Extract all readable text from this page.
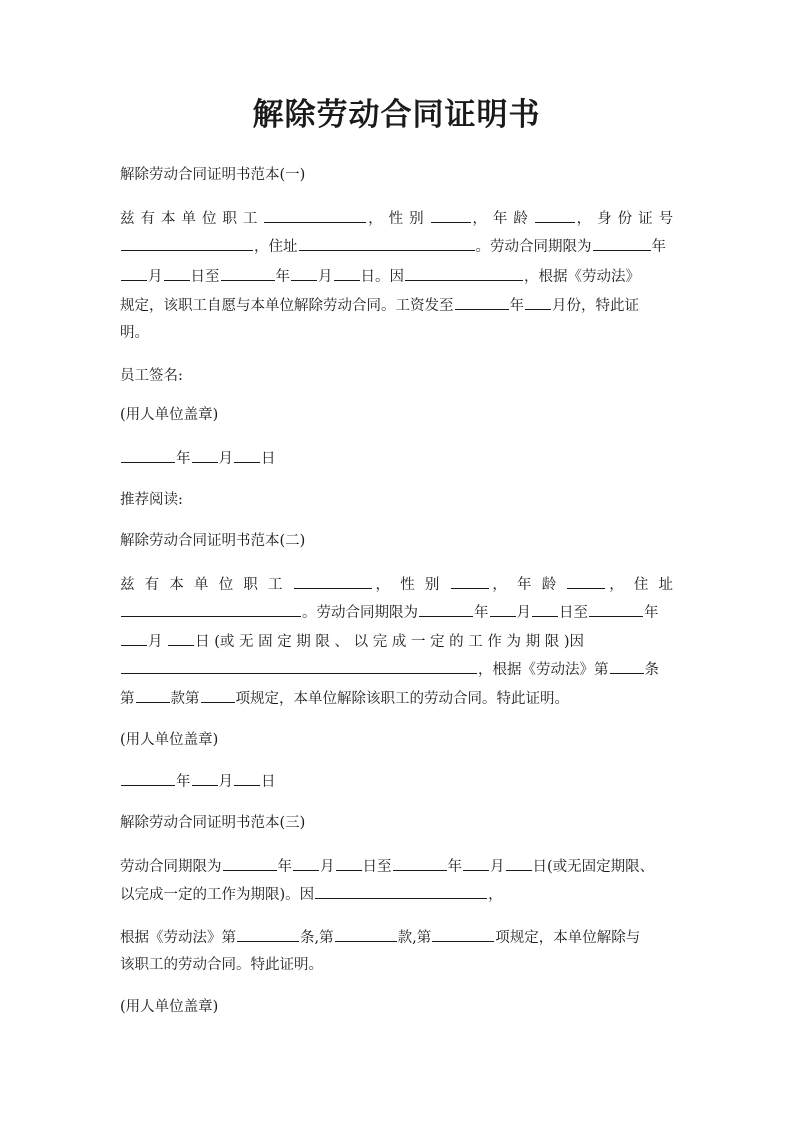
解除劳动合同证明书
解除劳动合同证明书范本(一)
兹 有 本 单 位 职 工	， 性 别	， 年 龄	， 身 份 证 号
，住址	。劳动合同期限为	年
月 日至	年 月 日。因	，根据《劳动法》
规定，该职工自愿与本单位解除劳动合同。工资发至	年 月份，特此证
明。
员工签名:
(用人单位盖章)
年 月 日
推荐阅读:
解除劳动合同证明书范本(二)
兹 有 本 单 位 职 工	， 性 别	， 年 龄	， 住 址
。劳动合同期限为	年 月 日至	年
月 日 (或 无 固 定 期 限 、 以 完 成 一 定 的 工 作 为 期 限 )因
，根据《劳动法》第 条
第 款第 项规定，本单位解除该职工的劳动合同。特此证明。
(用人单位盖章)
年 月 日
解除劳动合同证明书范本(三)
劳动合同期限为	年 月 日至	年 月 日(或无固定期限、
以完成一定的工作为期限)。因	，
根据《劳动法》第	条,第	款,第	项规定，本单位解除与
该职工的劳动合同。特此证明。
(用人单位盖章)
